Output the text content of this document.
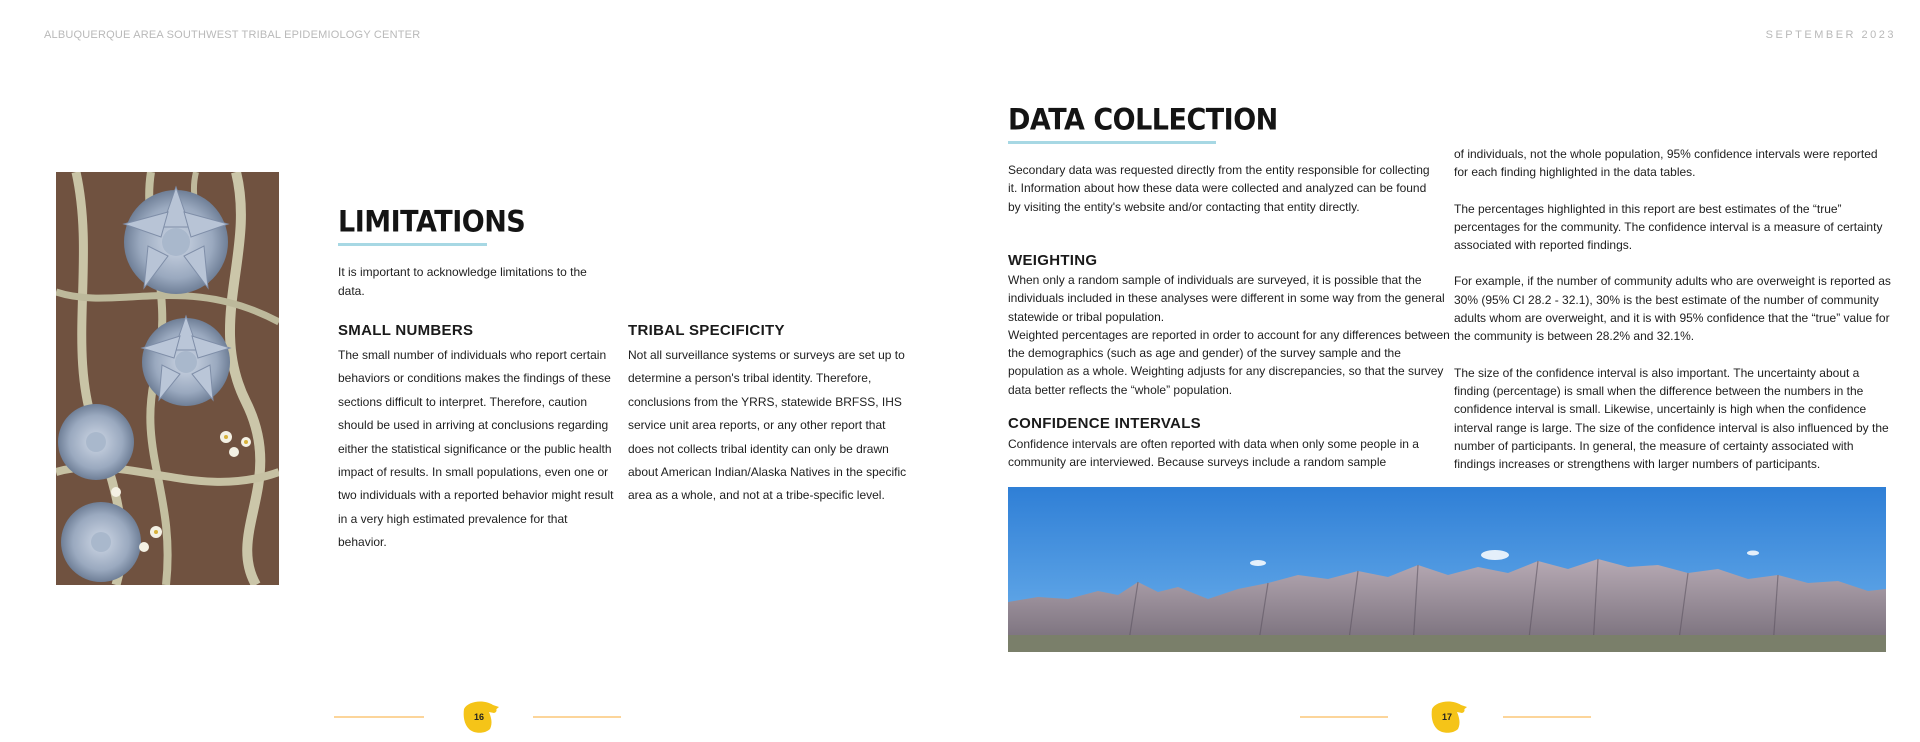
ALBUQUERQUE AREA SOUTHWEST TRIBAL EPIDEMIOLOGY CENTER	SEPTEMBER 2023
LIMITATIONS

It is important to acknowledge limitations to the data.

SMALL NUMBERS

The small number of individuals who report certain behaviors or conditions makes the findings of these sections difficult to interpret. Therefore, caution should be used in arriving at conclusions regarding either the statistical significance or the public health impact of results. In small populations, even one or two individuals with a reported behavior might result in a very high estimated prevalence for that behavior.

TRIBAL SPECIFICITY

Not all surveillance systems or surveys are set up to determine a person's tribal identity. Therefore, conclusions from the YRRS, statewide BRFSS, IHS service unit area reports, or any other report that does not collects tribal identity can only be drawn about American Indian/Alaska Natives in the specific area as a whole, and not at a tribe-specific level.

16
DATA COLLECTION

Secondary data was requested directly from the entity responsible for collecting it. Information about how these data were collected and analyzed can be found by visiting the entity's website and/or contacting that entity directly.

WEIGHTING

When only a random sample of individuals are surveyed, it is possible that the individuals included in these analyses were different in some way from the general statewide or tribal population.

Weighted percentages are reported in order to account for any differences between the demographics (such as age and gender) of the survey sample and the population as a whole. Weighting adjusts for any discrepancies, so that the survey data better reflects the “whole” population.

CONFIDENCE INTERVALS

Confidence intervals are often reported with data when only some people in a community are interviewed. Because surveys include a random sample

of individuals, not the whole population, 95% confidence intervals were reported for each finding highlighted in the data tables.

The percentages highlighted in this report are best estimates of the “true” percentages for the community. The confidence interval is a measure of certainty associated with reported findings.

For example, if the number of community adults who are overweight is reported as 30% (95% CI 28.2 - 32.1), 30% is the best estimate of the number of community adults whom are overweight, and it is with 95% confidence that the “true” value for the community is between 28.2% and 32.1%.

The size of the confidence interval is also important. The uncertainty about a finding (percentage) is small when the difference between the numbers in the confidence interval is small. Likewise, uncertainly is high when the confidence interval range is large. The size of the confidence interval is also influenced by the number of participants. In general, the measure of certainty associated with findings increases or strengthens with larger numbers of participants.

17
